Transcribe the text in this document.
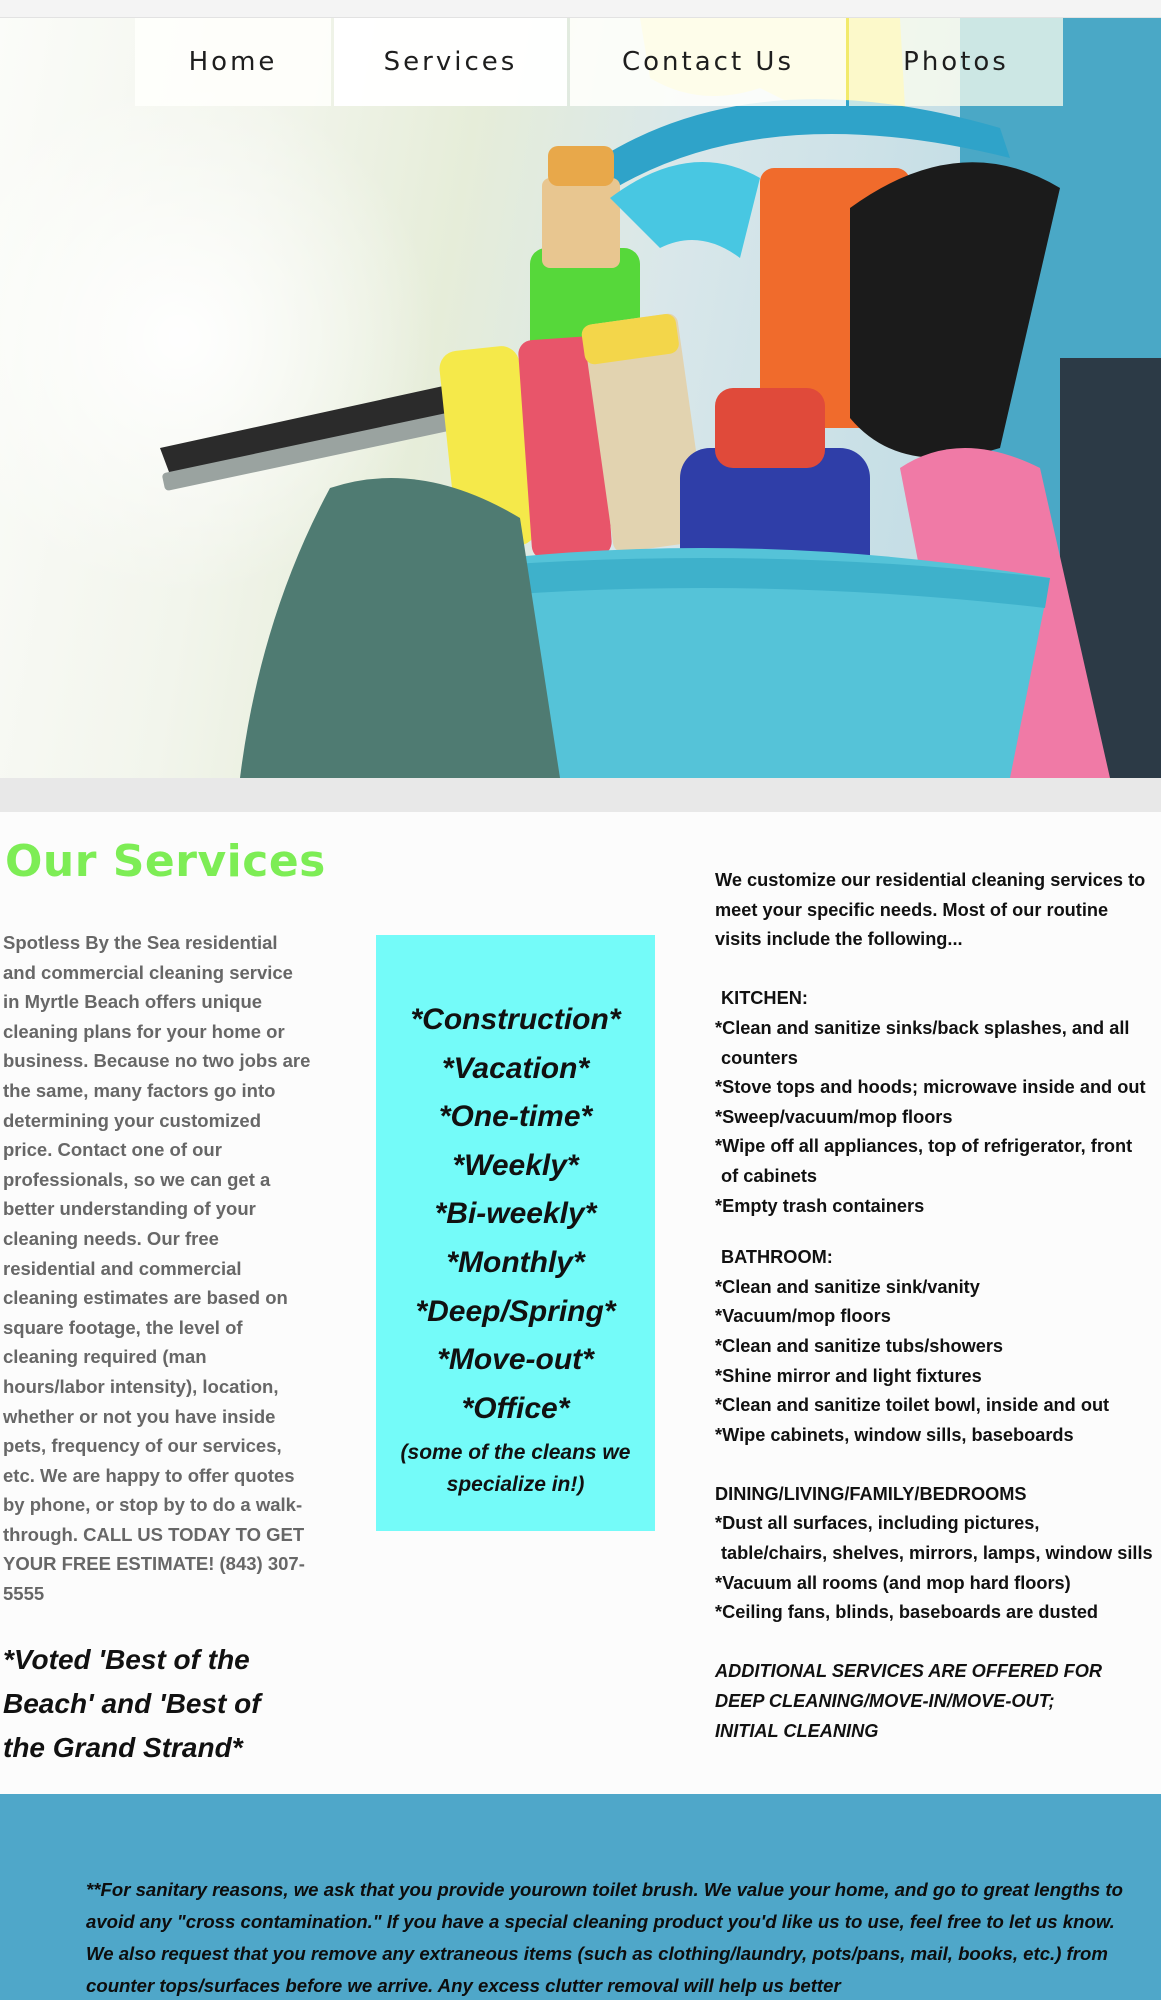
Home	Services	Contact Us	Photos
Our Services

Spotless By the Sea residential and commercial cleaning service in Myrtle Beach offers unique cleaning plans for your home or business. Because no two jobs are the same, many factors go into determining your customized price. Contact one of our professionals, so we can get a better understanding of your cleaning needs. Our free residential and commercial cleaning estimates are based on square footage, the level of cleaning required (man hours/labor intensity), location, whether or not you have inside pets, frequency of our services, etc. We are happy to offer quotes by phone, or stop by to do a walk-through. CALL US TODAY TO GET YOUR FREE ESTIMATE! (843) 307-5555

*Voted 'Best of the Beach' and 'Best of the Grand Strand*

*Construction*
*Vacation*
*One-time*
*Weekly*
*Bi-weekly*
*Monthly*
*Deep/Spring*
*Move-out*
*Office*
(some of the cleans we specialize in!)
We customize our residential cleaning services to
meet your specific needs. Most of our routine
visits include the following...
KITCHEN:
*Clean and sanitize sinks/back splashes, and all
counters
*Stove tops and hoods; microwave inside and out
*Sweep/vacuum/mop floors
*Wipe off all appliances, top of refrigerator, front
of cabinets
*Empty trash containers
BATHROOM:
*Clean and sanitize sink/vanity
*Vacuum/mop floors
*Clean and sanitize tubs/showers
*Shine mirror and light fixtures
*Clean and sanitize toilet bowl, inside and out
*Wipe cabinets, window sills, baseboards
DINING/LIVING/FAMILY/BEDROOMS
*Dust all surfaces, including pictures,
table/chairs, shelves, mirrors, lamps, window sills
*Vacuum all rooms (and mop hard floors)
*Ceiling fans, blinds, baseboards are dusted
ADDITIONAL SERVICES ARE OFFERED FOR
DEEP CLEANING/MOVE-IN/MOVE-OUT;
INITIAL CLEANING

**For sanitary reasons, we ask that you provide yourown toilet brush. We value your home, and go to great lengths to avoid any "cross contamination." If you have a special cleaning product you'd like us to use, feel free to let us know. We also request that you remove any extraneous items (such as clothing/laundry, pots/pans, mail, books, etc.) from counter tops/surfaces before we arrive. Any excess clutter removal will help us better
